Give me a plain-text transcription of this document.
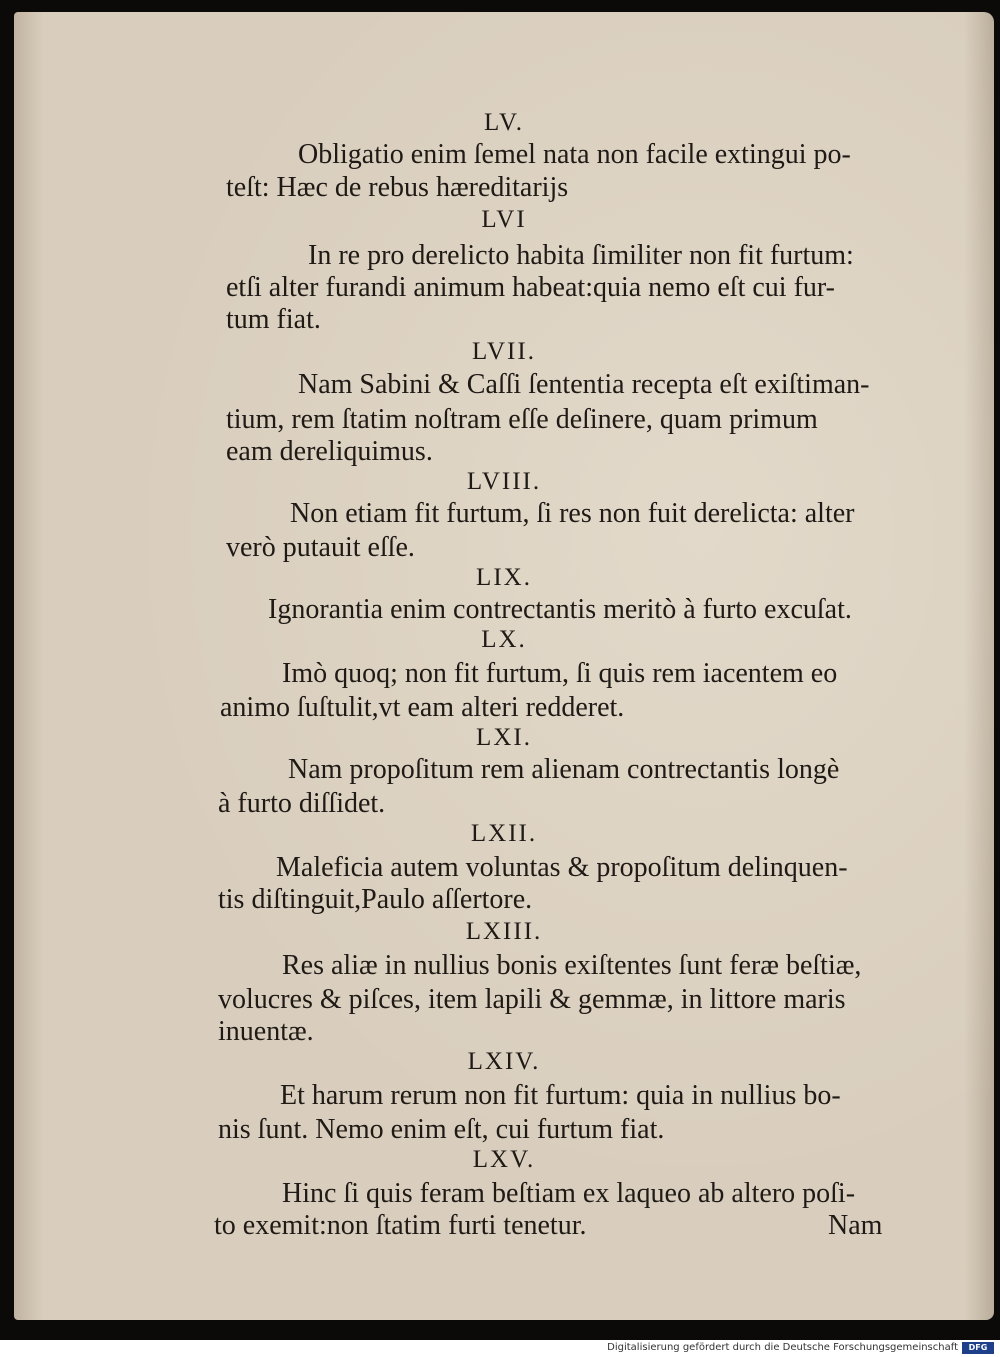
LV.
Obligatio enim ſemel nata non facile extingui po-
teſt: Hæc de rebus hæreditarijs
LVI
In re pro derelicto habita ſimiliter non fit furtum:
etſi alter furandi animum habeat:quia nemo eſt cui fur-
tum fiat.
LVII.
Nam Sabini & Caſſi ſententia recepta eſt exiſtiman-
tium, rem ſtatim noſtram eſſe deſinere, quam primum
eam dereliquimus.
LVIII.
Non etiam fit furtum, ſi res non fuit derelicta: alter
verò putauit eſſe.
LIX.
Ignorantia enim contrectantis meritò à furto excuſat.
LX.
Imò quoq; non fit furtum, ſi quis rem iacentem eo
animo ſuſtulit,vt eam alteri redderet.
LXI.
Nam propoſitum rem alienam contrectantis longè
à furto diſſidet.
LXII.
Maleficia autem voluntas & propoſitum delinquen-
tis diſtinguit,Paulo aſſertore.
LXIII.
Res aliæ in nullius bonis exiſtentes ſunt feræ beſtiæ,
volucres & piſces, item lapili & gemmæ, in littore maris
inuentæ.
LXIV.
Et harum rerum non fit furtum: quia in nullius bo-
nis ſunt. Nemo enim eſt, cui furtum fiat.
LXV.
Hinc ſi quis feram beſtiam ex laqueo ab altero poſi-
to exemit:non ſtatim furti tenetur.	Nam
Digitalisierung gefördert durch die Deutsche Forschungsgemeinschaft	DFG
